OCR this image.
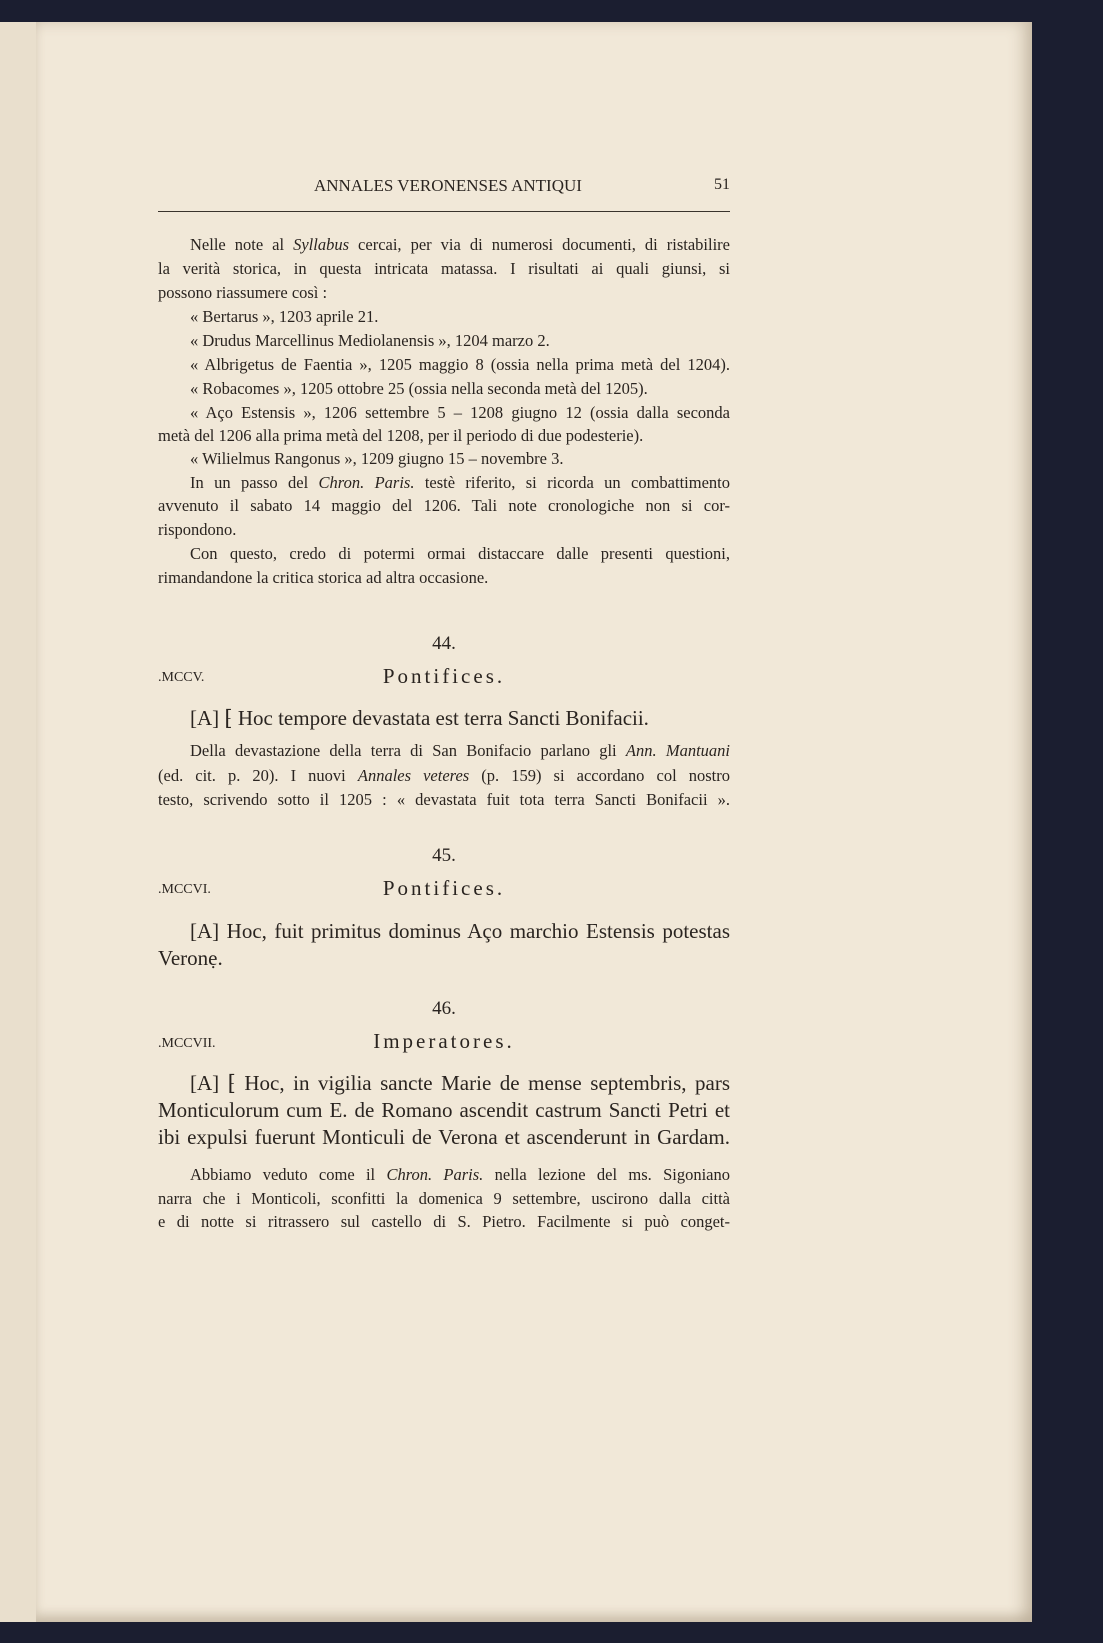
ANNALES VERONENSES ANTIQUI	51
Nelle note al Syllabus cercai, per via di numerosi documenti, di ristabilire
la verità storica, in questa intricata matassa. I risultati ai quali giunsi, si
possono riassumere così :
« Bertarus », 1203 aprile 21.
« Drudus Marcellinus Mediolanensis », 1204 marzo 2.
« Albrigetus de Faentia », 1205 maggio 8 (ossia nella prima metà del 1204).
« Robacomes », 1205 ottobre 25 (ossia nella seconda metà del 1205).
« Aço Estensis », 1206 settembre 5 – 1208 giugno 12 (ossia dalla seconda
metà del 1206 alla prima metà del 1208, per il periodo di due podesterie).
« Wilielmus Rangonus », 1209 giugno 15 – novembre 3.
In un passo del Chron. Paris. testè riferito, si ricorda un combattimento
avvenuto il sabato 14 maggio del 1206. Tali note cronologiche non si cor-
rispondono.
Con questo, credo di potermi ormai distaccare dalle presenti questioni,
rimandandone la critica storica ad altra occasione.
44.
.MCCV.	Pontifices.
[A] ⁅ Hoc tempore devastata est terra Sancti Bonifacii.
Della devastazione della terra di San Bonifacio parlano gli Ann. Mantuani
(ed. cit. p. 20). I nuovi Annales veteres (p. 159) si accordano col nostro
testo, scrivendo sotto il 1205 : « devastata fuit tota terra Sancti Bonifacii ».
45.
.MCCVI.	Pontifices.
[A] Hoc, fuit primitus dominus Aço marchio Estensis potestas
Veronẹ.
46.
.MCCVII.	Imperatores.
[A] ⁅ Hoc, in vigilia sancte Marie de mense septembris, pars
Monticulorum cum E. de Romano ascendit castrum Sancti Petri et
ibi expulsi fuerunt Monticuli de Verona et ascenderunt in Gardam.
Abbiamo veduto come il Chron. Paris. nella lezione del ms. Sigoniano
narra che i Monticoli, sconfitti la domenica 9 settembre, uscirono dalla città
e di notte si ritrassero sul castello di S. Pietro. Facilmente si può conget-
